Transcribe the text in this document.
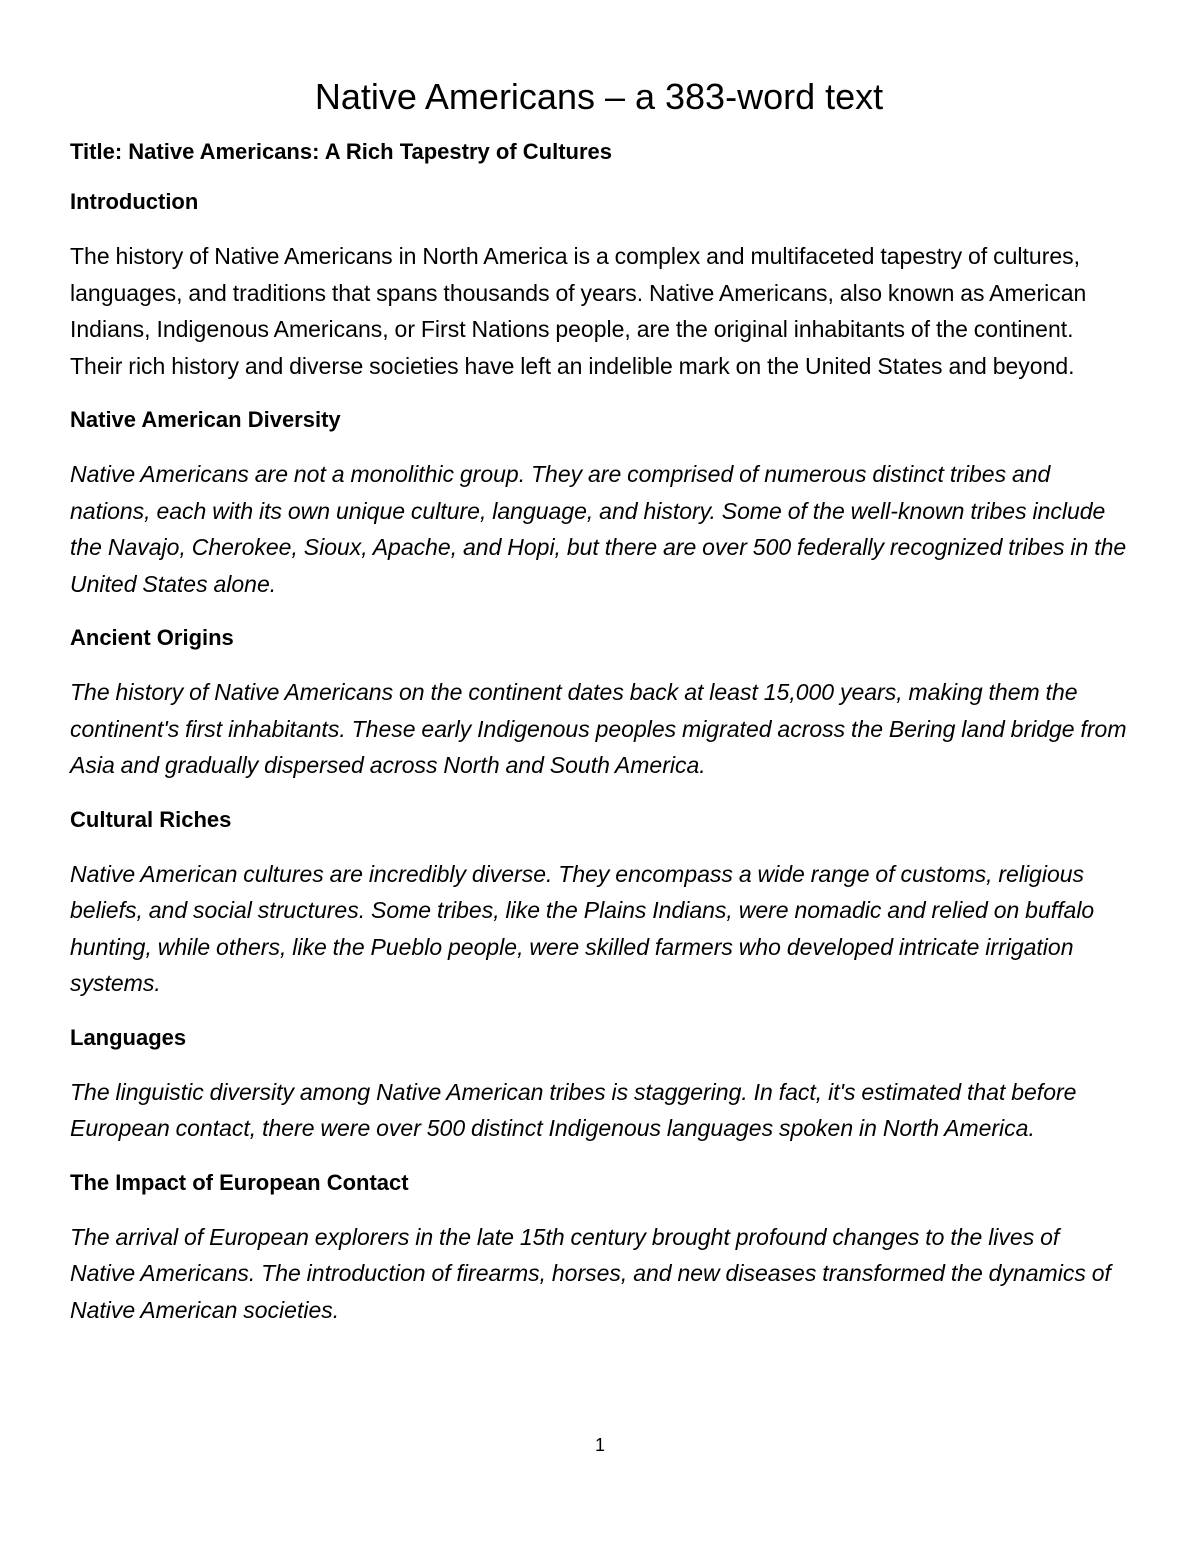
Native Americans – a 383-word text

Title: Native Americans: A Rich Tapestry of Cultures

Introduction

The history of Native Americans in North America is a complex and multifaceted tapestry of cultures, languages, and traditions that spans thousands of years. Native Americans, also known as American Indians, Indigenous Americans, or First Nations people, are the original inhabitants of the continent. Their rich history and diverse societies have left an indelible mark on the United States and beyond.

Native American Diversity

Native Americans are not a monolithic group. They are comprised of numerous distinct tribes and nations, each with its own unique culture, language, and history. Some of the well-known tribes include the Navajo, Cherokee, Sioux, Apache, and Hopi, but there are over 500 federally recognized tribes in the United States alone.

Ancient Origins

The history of Native Americans on the continent dates back at least 15,000 years, making them the continent's first inhabitants. These early Indigenous peoples migrated across the Bering land bridge from Asia and gradually dispersed across North and South America.

Cultural Riches

Native American cultures are incredibly diverse. They encompass a wide range of customs, religious beliefs, and social structures. Some tribes, like the Plains Indians, were nomadic and relied on buffalo hunting, while others, like the Pueblo people, were skilled farmers who developed intricate irrigation systems.

Languages

The linguistic diversity among Native American tribes is staggering. In fact, it's estimated that before European contact, there were over 500 distinct Indigenous languages spoken in North America.

The Impact of European Contact

The arrival of European explorers in the late 15th century brought profound changes to the lives of Native Americans. The introduction of firearms, horses, and new diseases transformed the dynamics of Native American societies.

1
